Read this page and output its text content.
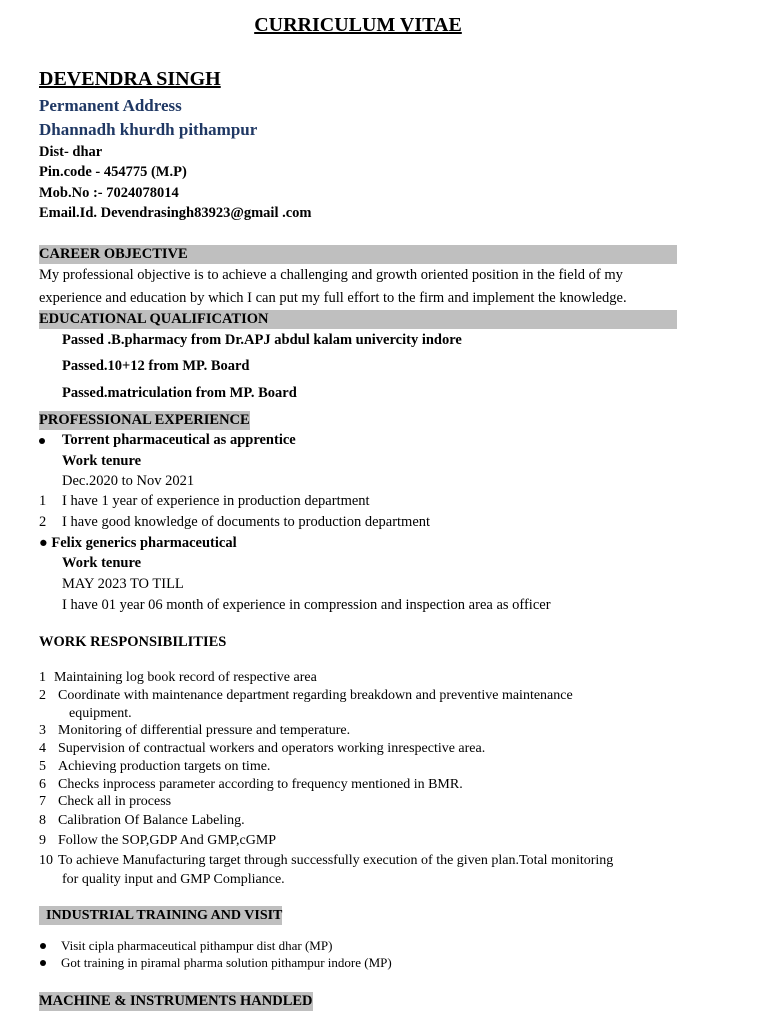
CURRICULUM VITAE
DEVENDRA SINGH
Permanent Address
Dhannadh khurdh pithampur
Dist- dhar
Pin.code - 454775 (M.P)
Mob.No :- 7024078014
Email.Id. Devendrasingh83923@gmail .com
CAREER OBJECTIVE
My professional objective is to achieve a challenging and growth oriented position in the field of my experience and education by which I can put my full effort to the firm and implement the knowledge.
EDUCATIONAL QUALIFICATION
Passed .B.pharmacy from Dr.APJ abdul kalam univercity indore
Passed.10+12 from MP. Board
Passed.matriculation from MP. Board
PROFESSIONAL EXPERIENCE
Torrent pharmaceutical as apprentice
Work tenure
Dec.2020 to Nov 2021
1 I have 1 year of experience in production department
2 I have good knowledge of documents to production department
● Felix generics pharmaceutical
Work tenure
MAY 2023 TO TILL
I have 01 year 06 month of experience in compression and inspection area as officer
WORK RESPONSIBILITIES
1 Maintaining log book record of respective area
2 Coordinate with maintenance department regarding breakdown and preventive maintenance
equipment.
3 Monitoring of differential pressure and temperature.
4 Supervision of contractual workers and operators working inrespective area.
5 Achieving production targets on time.
6 Checks inprocess parameter according to frequency mentioned in BMR.
7 Check all in process
8 Calibration Of Balance Labeling.
9 Follow the SOP,GDP And GMP,cGMP
10 To achieve Manufacturing target through successfully execution of the given plan.Total monitoring
for quality input and GMP Compliance.
INDUSTRIAL TRAINING AND VISIT
Visit cipla pharmaceutical pithampur dist dhar (MP)
Got training in piramal pharma solution pithampur indore (MP)
MACHINE & INSTRUMENTS HANDLED
